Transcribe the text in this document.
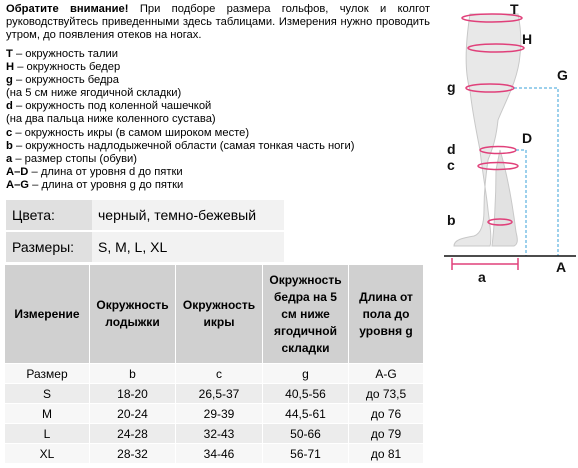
Обратите внимание! При подборе размера гольфов, чулок и колгот руководствуйтесь приведенными здесь таблицами. Измерения нужно проводить утром, до появления отеков на ногах.
T – окружность талии
H – окружность бедер
g – окружность бедра
(на 5 см ниже ягодичной складки)
d – окружность под коленной чашечкой
(на два пальца ниже коленного сустава)
c – окружность икры (в самом широком месте)
b – окружность надлодыжечной области (самая тонкая часть ноги)
a – размер стопы (обуви)
A–D – длина от уровня d до пятки
A–G – длина от уровня g до пятки
Цвета:	черный, темно-бежевый
Размеры:	S, M, L, XL
Измерение	Окружность лодыжки	Окружность икры	Окружность бедра на 5 см ниже ягодичной складки	Длина от пола до уровня g
Размер	b	c	g	A-G
S	18-20	26,5-37	40,5-56	до 73,5
M	20-24	29-39	44,5-61	до 76
L	24-28	32-43	50-66	до 79
XL	28-32	34-46	56-71	до 81
T
H
G
g
D
d
c
b
a
A
